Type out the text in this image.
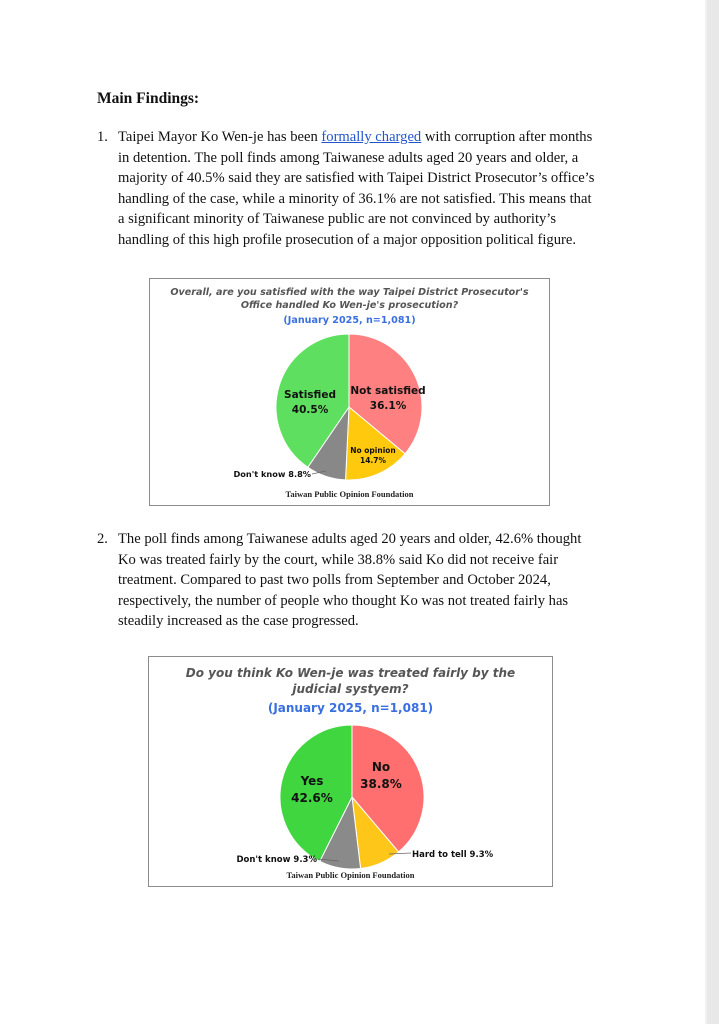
Main Findings:
1. Taipei Mayor Ko Wen-je has been formally charged with corruption after months
in detention. The poll finds among Taiwanese adults aged 20 years and older, a
majority of 40.5% said they are satisfied with Taipei District Prosecutor’s office’s
handling of the case, while a minority of 36.1% are not satisfied. This means that
a significant minority of Taiwanese public are not convinced by authority’s
handling of this high profile prosecution of a major opposition political figure.
Overall, are you satisfied with the way Taipei District Prosecutor's
Office handled Ko Wen-je's prosecution?
(January 2025, n=1,081)
Not satisfied
36.1%
No opinion
14.7%
Don't know 8.8%
Satisfied
40.5%
Taiwan Public Opinion Foundation
2. The poll finds among Taiwanese adults aged 20 years and older, 42.6% thought
Ko was treated fairly by the court, while 38.8% said Ko did not receive fair
treatment. Compared to past two polls from September and October 2024,
respectively, the number of people who thought Ko was not treated fairly has
steadily increased as the case progressed.
Do you think Ko Wen-je was treated fairly by the
judicial systyem?
(January 2025, n=1,081)
No
38.8%
Hard to tell 9.3%
Don't know 9.3%
Yes
42.6%
Taiwan Public Opinion Foundation
